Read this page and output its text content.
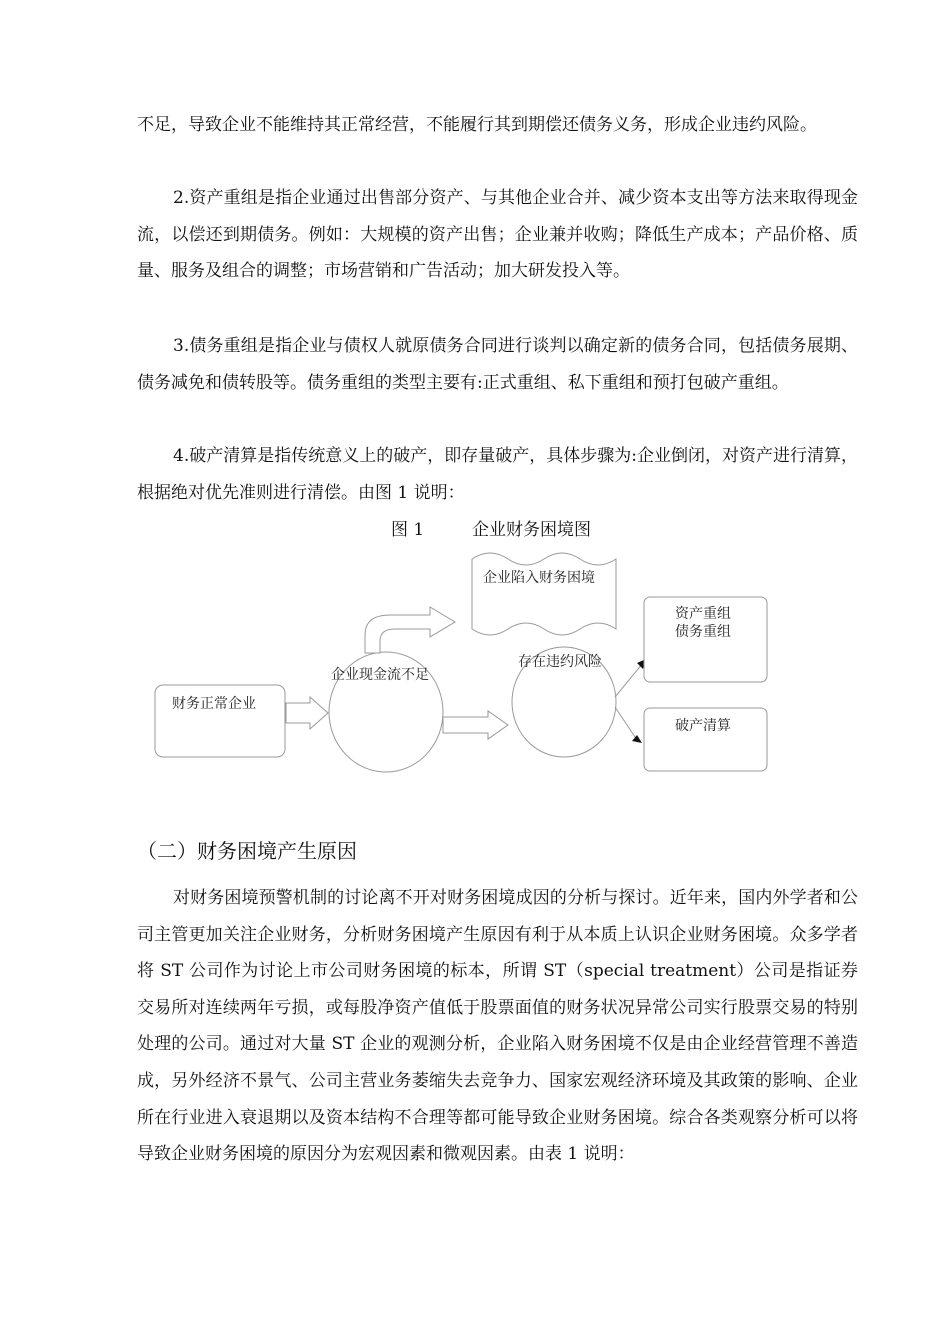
不足，导致企业不能维持其正常经营，不能履行其到期偿还债务义务，形成企业违约风险。
2.资产重组是指企业通过出售部分资产、与其他企业合并、减少资本支出等方法来取得现金流，以偿还到期债务。例如：大规模的资产出售；企业兼并收购；降低生产成本；产品价格、质量、服务及组合的调整；市场营销和广告活动；加大研发投入等。
3.债务重组是指企业与债权人就原债务合同进行谈判以确定新的债务合同，包括债务展期、债务减免和债转股等。债务重组的类型主要有:正式重组、私下重组和预打包破产重组。
4.破产清算是指传统意义上的破产，即存量破产，具体步骤为:企业倒闭，对资产进行清算，根据绝对优先准则进行清偿。由图 1 说明：
图 1	企业财务困境图
财务正常企业
企业现金流不足
企业陷入财务困境
存在违约风险
资产重组
债务重组
破产清算
（二）财务困境产生原因
对财务困境预警机制的讨论离不开对财务困境成因的分析与探讨。近年来，国内外学者和公司主管更加关注企业财务，分析财务困境产生原因有利于从本质上认识企业财务困境。众多学者将 ST 公司作为讨论上市公司财务困境的标本，所谓 ST（special treatment）公司是指证券交易所对连续两年亏损，或每股净资产值低于股票面值的财务状况异常公司实行股票交易的特别处理的公司。通过对大量 ST 企业的观测分析，企业陷入财务困境不仅是由企业经营管理不善造成，另外经济不景气、公司主营业务萎缩失去竞争力、国家宏观经济环境及其政策的影响、企业所在行业进入衰退期以及资本结构不合理等都可能导致企业财务困境。综合各类观察分析可以将导致企业财务困境的原因分为宏观因素和微观因素。由表 1 说明：
